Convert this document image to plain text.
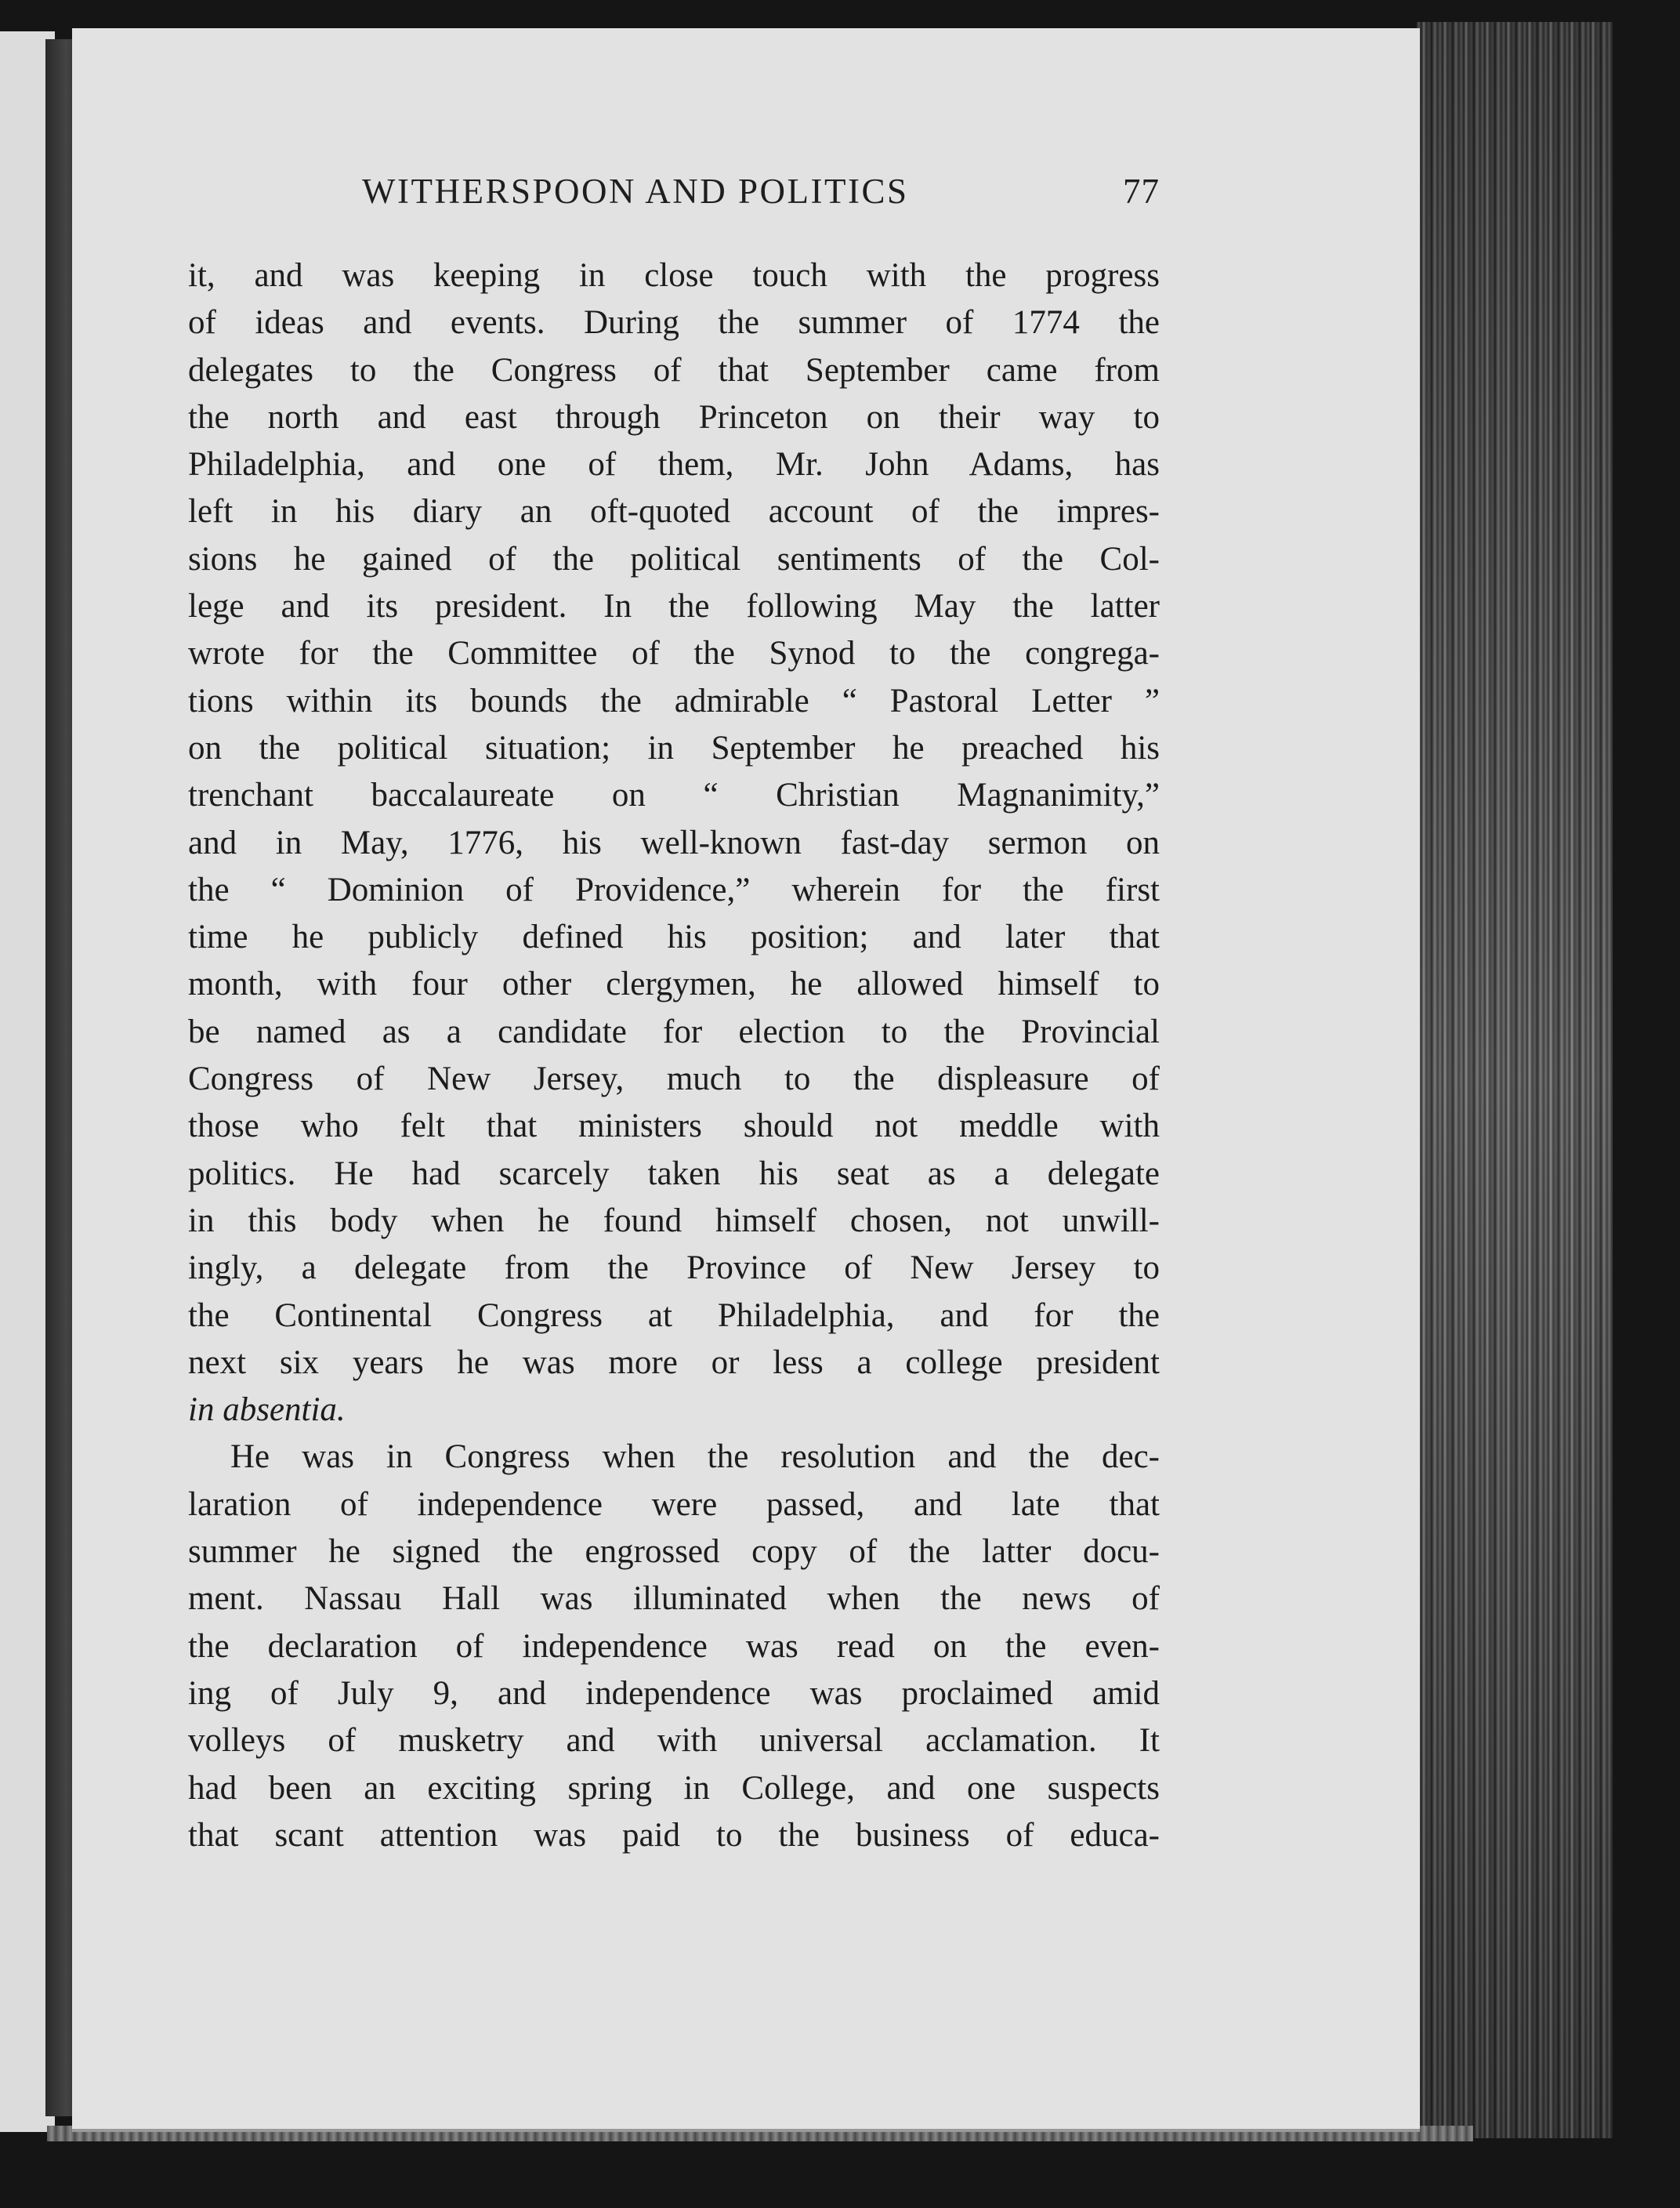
WITHERSPOON AND POLITICS	77
it, and was keeping in close touch with the progress
of ideas and events. During the summer of 1774 the
delegates to the Congress of that September came from
the north and east through Princeton on their way to
Philadelphia, and one of them, Mr. John Adams, has
left in his diary an oft-quoted account of the impres-
sions he gained of the political sentiments of the Col-
lege and its president. In the following May the latter
wrote for the Committee of the Synod to the congrega-
tions within its bounds the admirable “ Pastoral Letter ”
on the political situation; in September he preached his
trenchant baccalaureate on “ Christian Magnanimity,”
and in May, 1776, his well-known fast-day sermon on
the “ Dominion of Providence,” wherein for the first
time he publicly defined his position; and later that
month, with four other clergymen, he allowed himself to
be named as a candidate for election to the Provincial
Congress of New Jersey, much to the displeasure of
those who felt that ministers should not meddle with
politics. He had scarcely taken his seat as a delegate
in this body when he found himself chosen, not unwill-
ingly, a delegate from the Province of New Jersey to
the Continental Congress at Philadelphia, and for the
next six years he was more or less a college president
in absentia.
He was in Congress when the resolution and the dec-
laration of independence were passed, and late that
summer he signed the engrossed copy of the latter docu-
ment. Nassau Hall was illuminated when the news of
the declaration of independence was read on the even-
ing of July 9, and independence was proclaimed amid
volleys of musketry and with universal acclamation. It
had been an exciting spring in College, and one suspects
that scant attention was paid to the business of educa-
